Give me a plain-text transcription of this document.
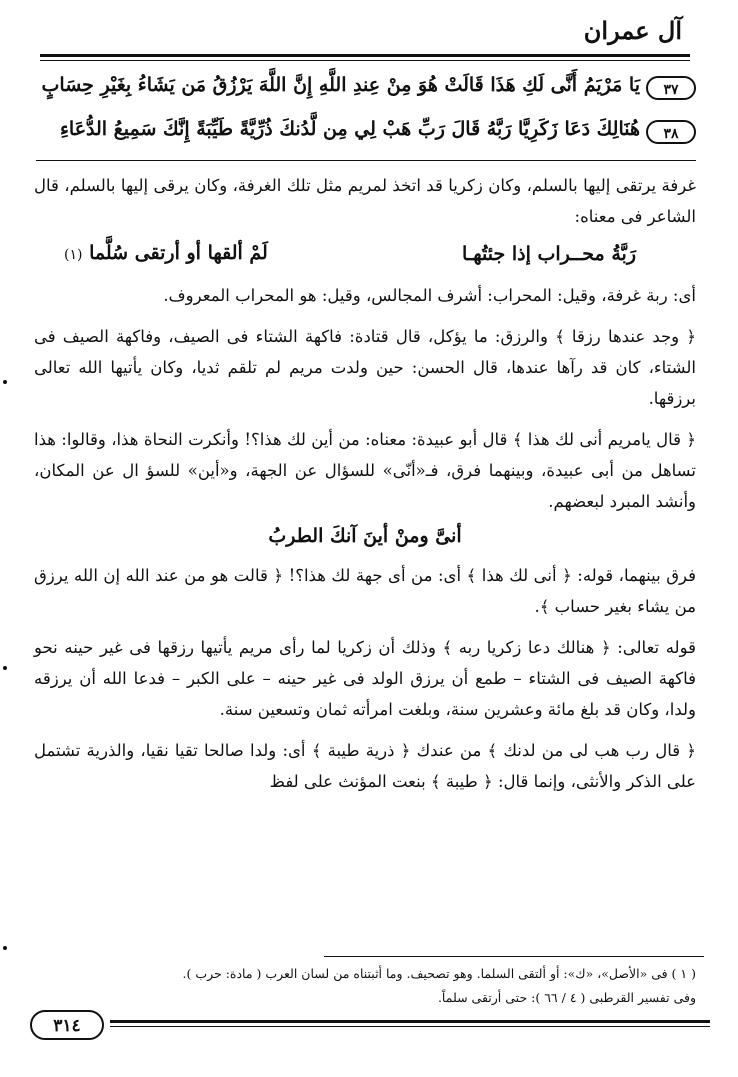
آل عمران
٣٧
يَا مَرْيَمُ أَنَّى لَكِ هَذَا قَالَتْ هُوَ مِنْ عِندِ اللَّهِ إِنَّ اللَّهَ يَرْزُقُ مَن يَشَاءُ بِغَيْرِ حِسَابٍ
٣٨
هُنَالِكَ دَعَا زَكَرِيَّا رَبَّهُ قَالَ رَبِّ هَبْ لِي مِن لَّدُنكَ ذُرِّيَّةً طَيِّبَةً إِنَّكَ سَمِيعُ الدُّعَاءِ

غرفة يرتقى إليها بالسلم، وكان زكريا قد اتخذ لمريم مثل تلك الغرفة، وكان يرقى إليها بالسلم، قال الشاعر فى معناه:

رَبَّةُ محــراب إذا جئتُهـا
لَمْ ألقها أو أرتقى سُلَّما (١)

أى: ربة غرفة، وقيل: المحراب: أشرف المجالس، وقيل: هو المحراب المعروف.

﴿ وجد عندها رزقا ﴾ والرزق: ما يؤكل، قال قتادة: فاكهة الشتاء فى الصيف، وفاكهة الصيف فى الشتاء، كان قد رآها عندها، قال الحسن: حين ولدت مريم لم تلقم ثديا، وكان يأتيها الله تعالى برزقها.

﴿ قال يامريم أنى لك هذا ﴾ قال أبو عبيدة: معناه: من أين لك هذا؟! وأنكرت النحاة هذا، وقالوا: هذا تساهل من أبى عبيدة، وبينهما فرق، فـ«أنّى» للسؤال عن الجهة، و«أين» للسؤ ال عن المكان، وأنشد المبرد لبعضهم.

أنىَّ ومنْ أينَ آنكَ الطربُ

فرق بينهما، قوله: ﴿ أنى لك هذا ﴾ أى: من أى جهة لك هذا؟! ﴿ قالت هو من عند الله إن الله يرزق من يشاء بغير حساب ﴾.

قوله تعالى: ﴿ هنالك دعا زكريا ربه ﴾ وذلك أن زكريا لما رأى مريم يأتيها رزقها فى غير حينه نحو فاكهة الصيف فى الشتاء – طمع أن يرزق الولد فى غير حينه – على الكبر – فدعا الله أن يرزقه ولدا، وكان قد بلغ مائة وعشرين سنة، وبلغت امرأته ثمان وتسعين سنة.

﴿ قال رب هب لى من لدنك ﴾ من عندك ﴿ ذرية طيبة ﴾ أى: ولدا صالحا تقيا نقيا، والذرية تشتمل على الذكر والأنثى، وإنما قال: ﴿ طيبة ﴾ بنعت المؤنث على لفظ

( ١ ) فى «الأصل»، «ك»: أو ألتقى السلما. وهو تصحيف. وما أثبتناه من لسان العرب ( مادة: حرب ).

وفى تفسير القرطبى ( ٤ / ٦٦ ): حتى أرتقى سلماً.

٣١٤
